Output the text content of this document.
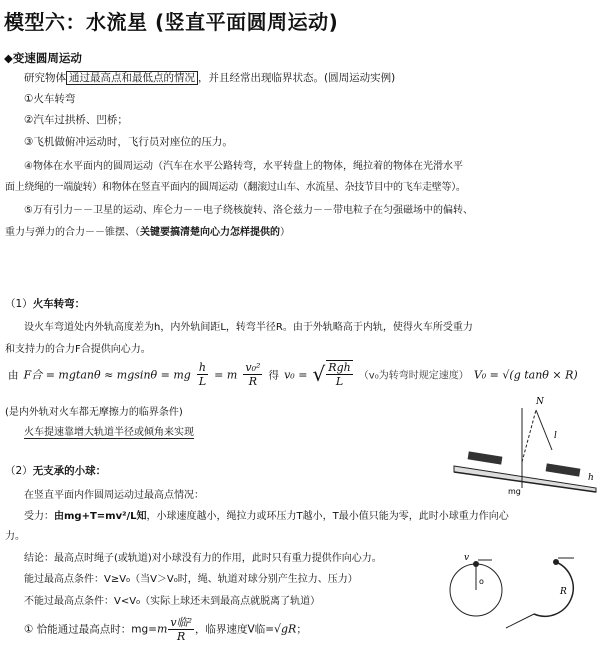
模型六：水流星 (竖直平面圆周运动)
◆变速圆周运动
研究物体 通过最高点和最低点的情况 ，并且经常出现临界状态。(圆周运动实例)
①火车转弯
②汽车过拱桥、凹桥；
③飞机做俯冲运动时，飞行员对座位的压力。
④物体在水平面内的圆周运动（汽车在水平公路转弯，水平转盘上的物体，绳拉着的物体在光滑水平
面上绕绳的一端旋转）和物体在竖直平面内的圆周运动（翻滚过山车、水流星、杂技节目中的飞车走壁等）。
⑤万有引力－－卫星的运动、库仑力－－电子绕核旋转、洛仑兹力－－带电粒子在匀强磁场中的偏转、
重力与弹力的合力－－锥摆、（关键要搞清楚向心力怎样提供的）
（1）火车转弯：
设火车弯道处内外轨高度差为h，内外轨间距L，转弯半径R。由于外轨略高于内轨，使得火车所受重力
和支持力的合力F合提供向心力。
由 F合 = mgtanθ ≈ mgsinθ = mg $\frac{h}{L} = m \frac{\text{v₀²}}{R}$ 得 v₀ = √ $\frac{\text{Rgh}}{L} (v_0$为转弯时规定速度） V₀ = √(g tanθ × R)
(是内外轨对火车都无摩擦力的临界条件)
火车提速靠增大轨道半径或倾角来实现
N
mg
h
l
（2）无支承的小球：
在竖直平面内作圆周运动过最高点情况：
受力：由mg+T=mv²/L知，小球速度越小，绳拉力或环压力T越小，T最小值只能为零，此时小球重力作向心
力。
结论：最高点时绳子(或轨道)对小球没有力的作用，此时只有重力提供作向心力。
能过最高点条件：V≥V₀（当V＞V₀时，绳、轨道对球分别产生拉力、压力）
不能过最高点条件：V<V₀（实际上球还未到最高点就脱离了轨道）
① 恰能通过最高点时：$mg=m \frac{\text{v临²}}{R}$ ，临界速度V临=√gR；
v
o
R
